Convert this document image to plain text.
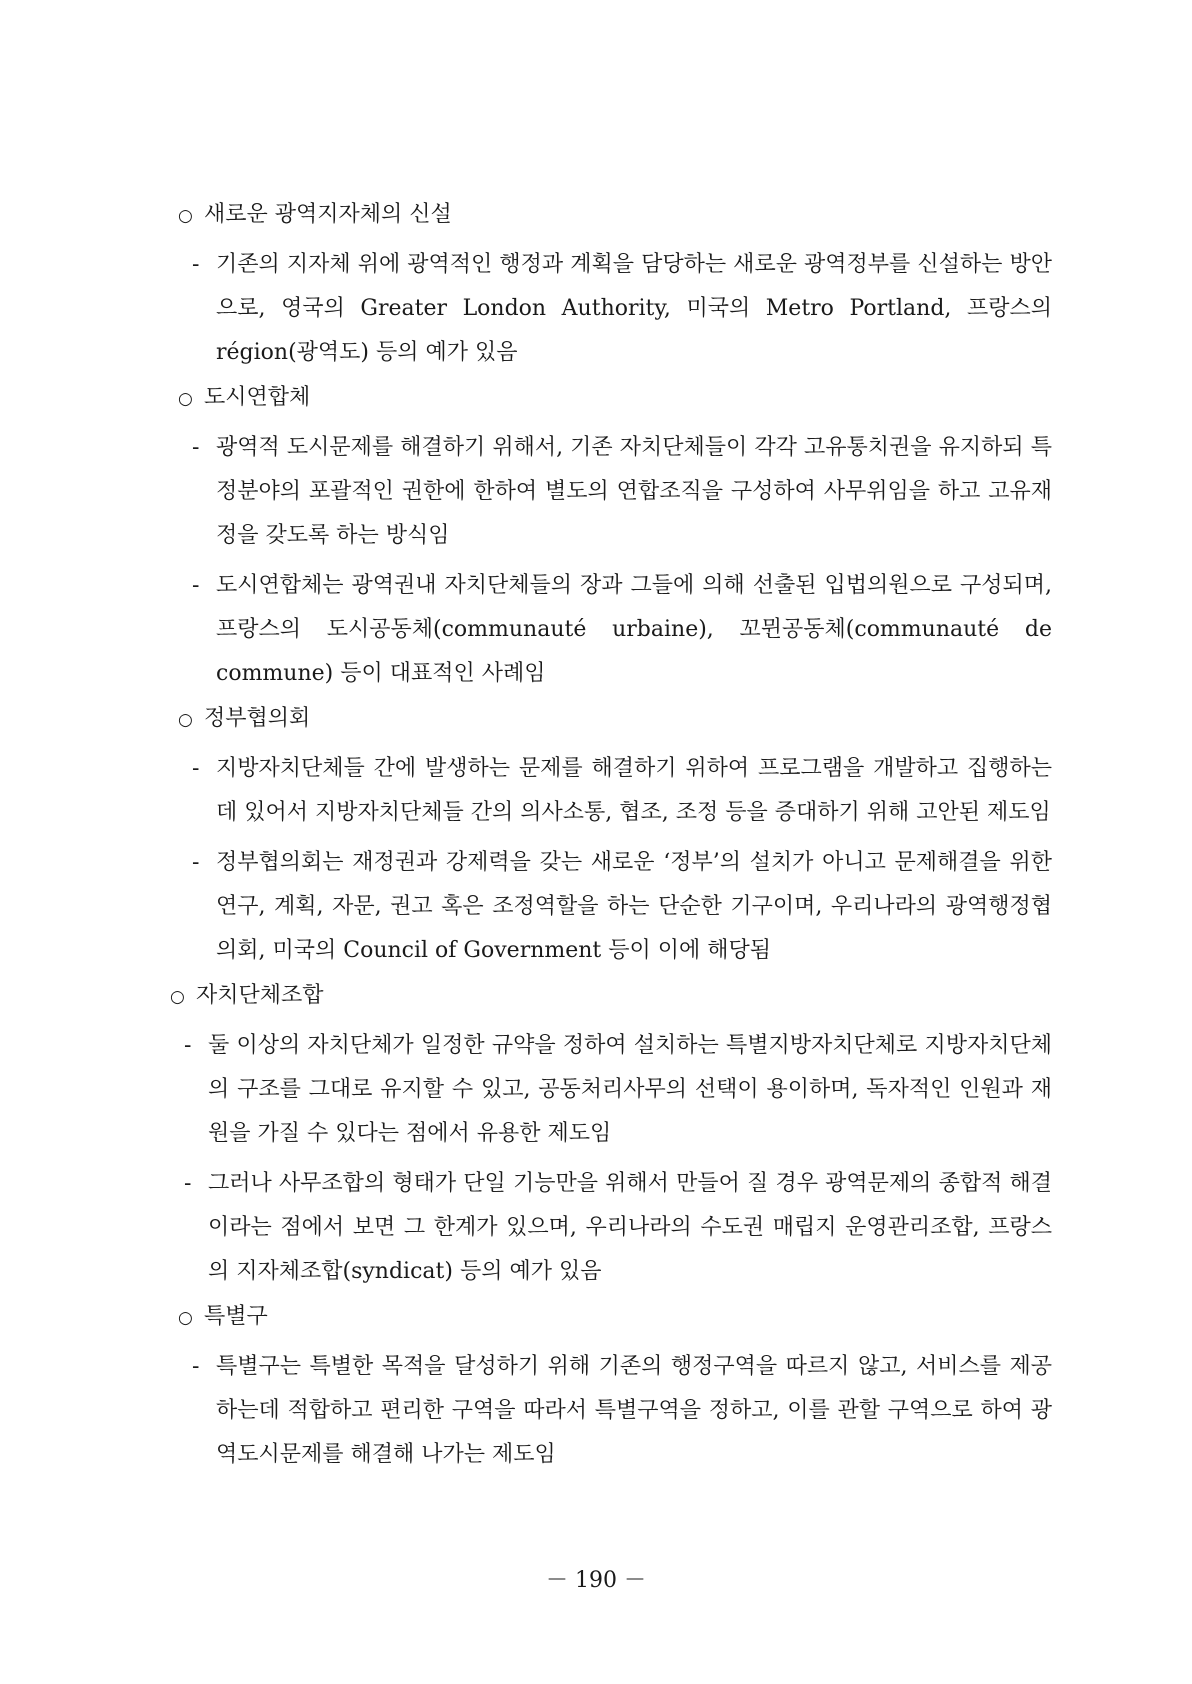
○ 새로운 광역지자체의 신설
- 기존의 지자체 위에 광역적인 행정과 계획을 담당하는 새로운 광역정부를 신설하는 방안으로, 영국의 Greater London Authority, 미국의 Metro Portland, 프랑스의 région(광역도) 등의 예가 있음
○ 도시연합체
- 광역적 도시문제를 해결하기 위해서, 기존 자치단체들이 각각 고유통치권을 유지하되 특정분야의 포괄적인 권한에 한하여 별도의 연합조직을 구성하여 사무위임을 하고 고유재정을 갖도록 하는 방식임
- 도시연합체는 광역권내 자치단체들의 장과 그들에 의해 선출된 입법의원으로 구성되며, 프랑스의 도시공동체(communauté urbaine), 꼬뮌공동체(communauté de commune) 등이 대표적인 사례임
○ 정부협의회
- 지방자치단체들 간에 발생하는 문제를 해결하기 위하여 프로그램을 개발하고 집행하는데 있어서 지방자치단체들 간의 의사소통, 협조, 조정 등을 증대하기 위해 고안된 제도임
- 정부협의회는 재정권과 강제력을 갖는 새로운 ‘정부’의 설치가 아니고 문제해결을 위한 연구, 계획, 자문, 권고 혹은 조정역할을 하는 단순한 기구이며, 우리나라의 광역행정협의회, 미국의 Council of Government 등이 이에 해당됨
○ 자치단체조합
- 둘 이상의 자치단체가 일정한 규약을 정하여 설치하는 특별지방자치단체로 지방자치단체의 구조를 그대로 유지할 수 있고, 공동처리사무의 선택이 용이하며, 독자적인 인원과 재원을 가질 수 있다는 점에서 유용한 제도임
- 그러나 사무조합의 형태가 단일 기능만을 위해서 만들어 질 경우 광역문제의 종합적 해결이라는 점에서 보면 그 한계가 있으며, 우리나라의 수도권 매립지 운영관리조합, 프랑스의 지자체조합(syndicat) 등의 예가 있음
○ 특별구
- 특별구는 특별한 목적을 달성하기 위해 기존의 행정구역을 따르지 않고, 서비스를 제공하는데 적합하고 편리한 구역을 따라서 특별구역을 정하고, 이를 관할 구역으로 하여 광역도시문제를 해결해 나가는 제도임
－ 190 －
